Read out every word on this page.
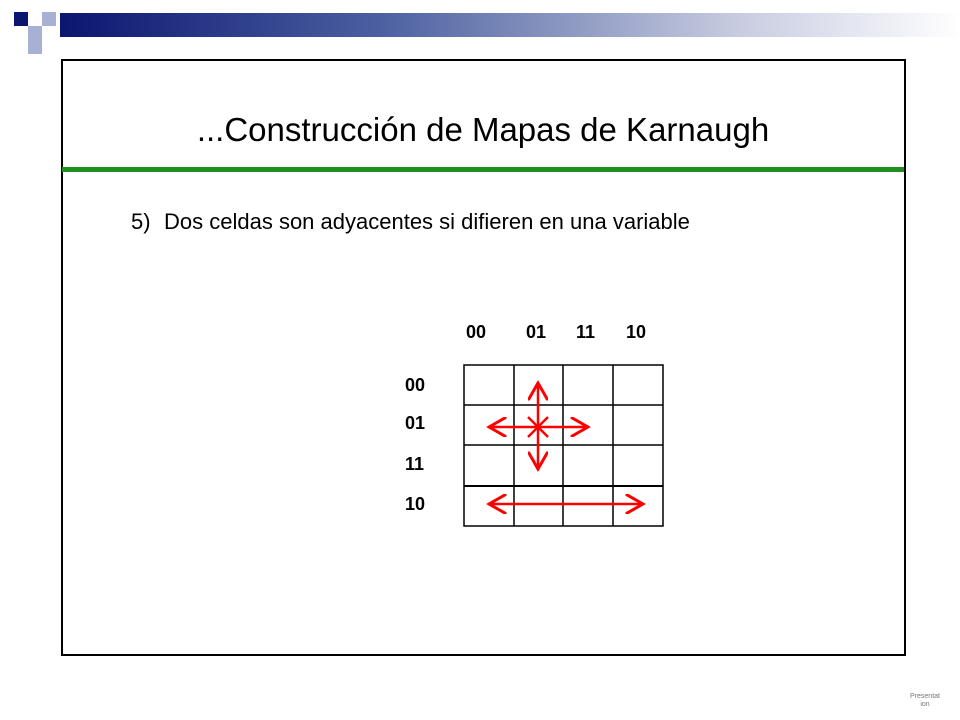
...Construcción de Mapas de Karnaugh
5) Dos celdas son adyacentes si difieren en una variable
00 01 11 10
00
01
11
10
Presentat
ion
